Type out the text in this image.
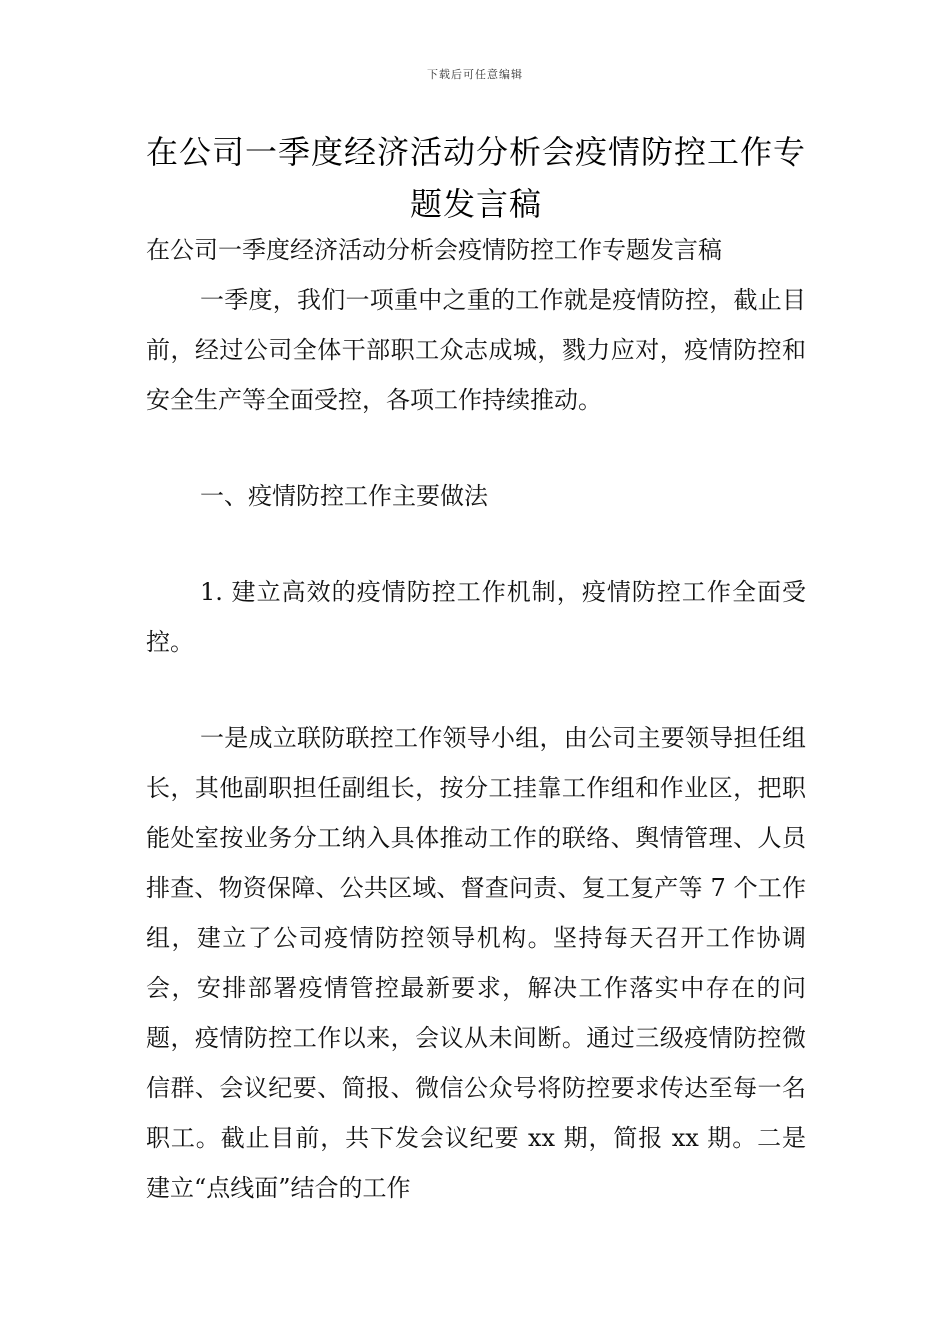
下载后可任意编辑
在公司一季度经济活动分析会疫情防控工作专题发言稿

在公司一季度经济活动分析会疫情防控工作专题发言稿

一季度，我们一项重中之重的工作就是疫情防控，截止目前，经过公司全体干部职工众志成城，戮力应对，疫情防控和安全生产等全面受控，各项工作持续推动。

一、疫情防控工作主要做法

1. 建立高效的疫情防控工作机制，疫情防控工作全面受控。

一是成立联防联控工作领导小组，由公司主要领导担任组长，其他副职担任副组长，按分工挂靠工作组和作业区，把职能处室按业务分工纳入具体推动工作的联络、舆情管理、人员排查、物资保障、公共区域、督查问责、复工复产等 7 个工作组，建立了公司疫情防控领导机构。坚持每天召开工作协调会，安排部署疫情管控最新要求，解决工作落实中存在的问题，疫情防控工作以来，会议从未间断。通过三级疫情防控微信群、会议纪要、简报、微信公众号将防控要求传达至每一名职工。截止目前，共下发会议纪要 xx 期，简报 xx 期。二是建立“点线面”结合的工作
